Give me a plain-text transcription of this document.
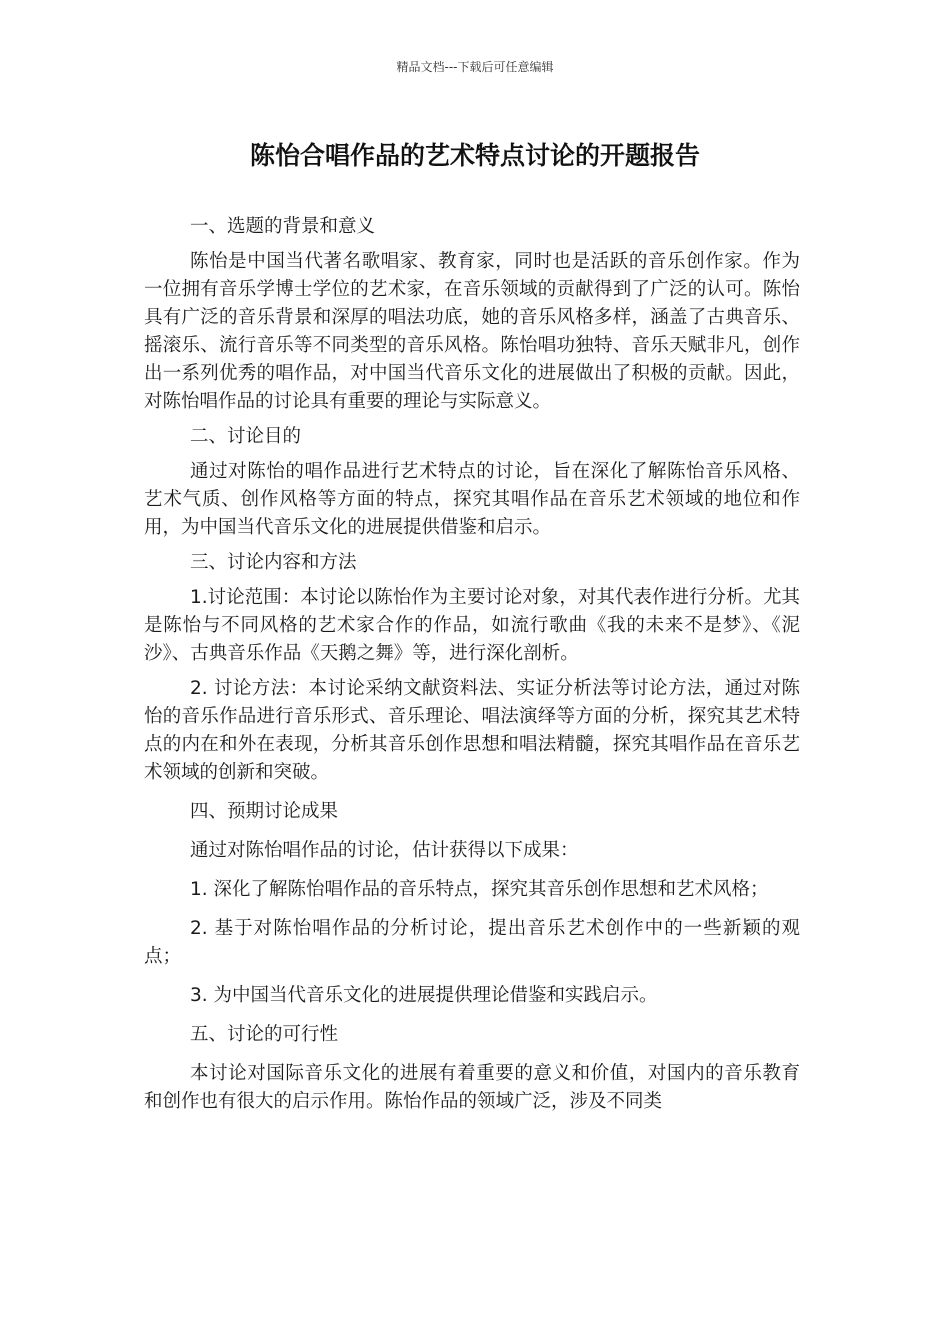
精品文档---下载后可任意编辑
陈怡合唱作品的艺术特点讨论的开题报告

一、选题的背景和意义

陈怡是中国当代著名歌唱家、教育家，同时也是活跃的音乐创作家。作为一位拥有音乐学博士学位的艺术家，在音乐领域的贡献得到了广泛的认可。陈怡具有广泛的音乐背景和深厚的唱法功底，她的音乐风格多样，涵盖了古典音乐、摇滚乐、流行音乐等不同类型的音乐风格。陈怡唱功独特、音乐天赋非凡，创作出一系列优秀的唱作品，对中国当代音乐文化的进展做出了积极的贡献。因此，对陈怡唱作品的讨论具有重要的理论与实际意义。

二、讨论目的

通过对陈怡的唱作品进行艺术特点的讨论，旨在深化了解陈怡音乐风格、艺术气质、创作风格等方面的特点，探究其唱作品在音乐艺术领域的地位和作用，为中国当代音乐文化的进展提供借鉴和启示。

三、讨论内容和方法

1.讨论范围：本讨论以陈怡作为主要讨论对象，对其代表作进行分析。尤其是陈怡与不同风格的艺术家合作的作品，如流行歌曲《我的未来不是梦》、《泥沙》、古典音乐作品《天鹅之舞》等，进行深化剖析。

2. 讨论方法：本讨论采纳文献资料法、实证分析法等讨论方法，通过对陈怡的音乐作品进行音乐形式、音乐理论、唱法演绎等方面的分析，探究其艺术特点的内在和外在表现，分析其音乐创作思想和唱法精髓，探究其唱作品在音乐艺术领域的创新和突破。

四、预期讨论成果

通过对陈怡唱作品的讨论，估计获得以下成果：

1. 深化了解陈怡唱作品的音乐特点，探究其音乐创作思想和艺术风格；

2. 基于对陈怡唱作品的分析讨论，提出音乐艺术创作中的一些新颖的观点；

3. 为中国当代音乐文化的进展提供理论借鉴和实践启示。

五、讨论的可行性

本讨论对国际音乐文化的进展有着重要的意义和价值，对国内的音乐教育和创作也有很大的启示作用。陈怡作品的领域广泛，涉及不同类
